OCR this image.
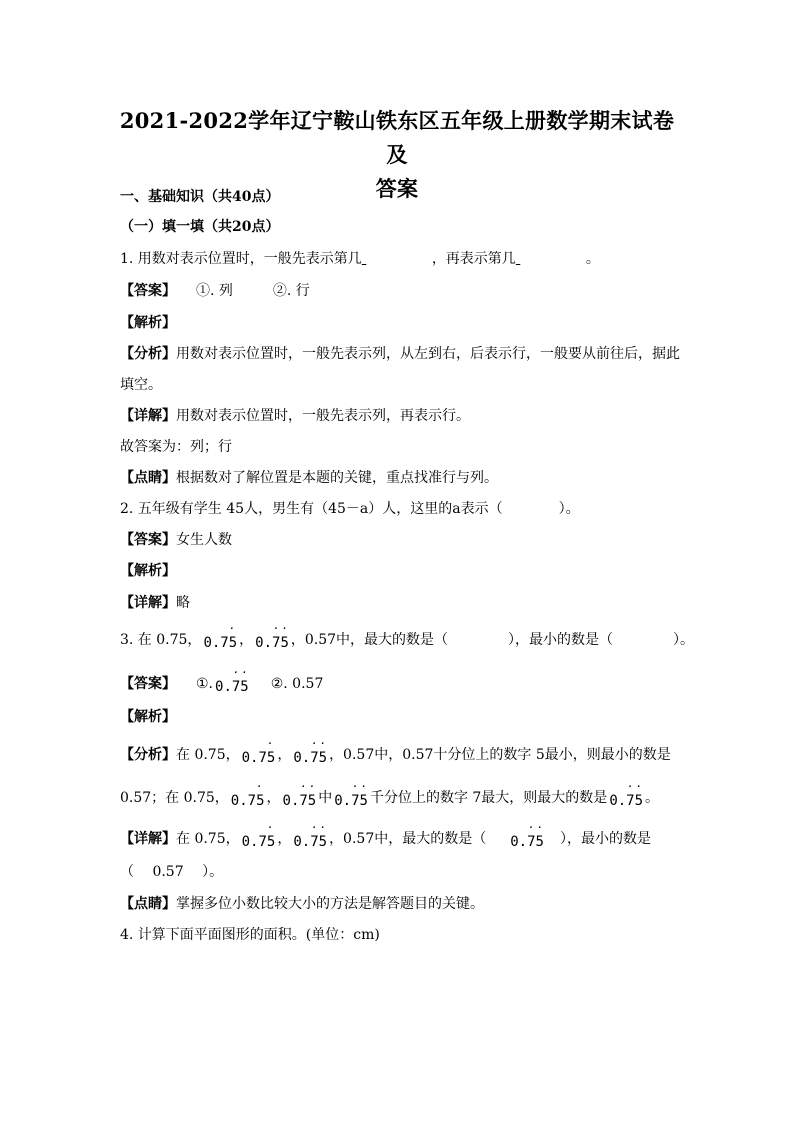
2021-2022学年辽宁鞍山铁东区五年级上册数学期末试卷及
答案
一、基础知识（共40点）
（一）填一填（共20点）
1. 用数对表示位置时，一般先表示第几	，再表示第几	。
【答案】 ①. 列	②. 行
【解析】
【分析】用数对表示位置时，一般先表示列，从左到右，后表示行，一般要从前往后，据此
填空。
【详解】用数对表示位置时，一般先表示列，再表示行。
故答案为：列；行
【点睛】根据数对了解位置是本题的关键，重点找准行与列。
2. 五年级有学生 45人，男生有（45－a）人，这里的a表示（	）。
【答案】女生人数
【解析】
【详解】略
3. 在 0.75，
·
0.75 ，
··
0.75 ，0.57中，最大的数是（	），最小的数是（	）。
【答案】 ①.
··
0.75 ②. 0.57
【解析】
【分析】在 0.75，
·
0.75 ，
··
0.75 ，0.57中，0.57十分位上的数字 5最小，则最小的数是
0.57；在 0.75，
·
0.75 ，
··
0.75 中
··
0.75 千分位上的数字 7最大，则最大的数是
··
0.75 。
【详解】在 0.75，
·
0.75 ，
··
0.75 ，0.57中，最大的数是（
··
0.75 ），最小的数是
（　 0.57　 ）。
【点睛】掌握多位小数比较大小的方法是解答题目的关键。
4. 计算下面平面图形的面积。(单位：cm)
